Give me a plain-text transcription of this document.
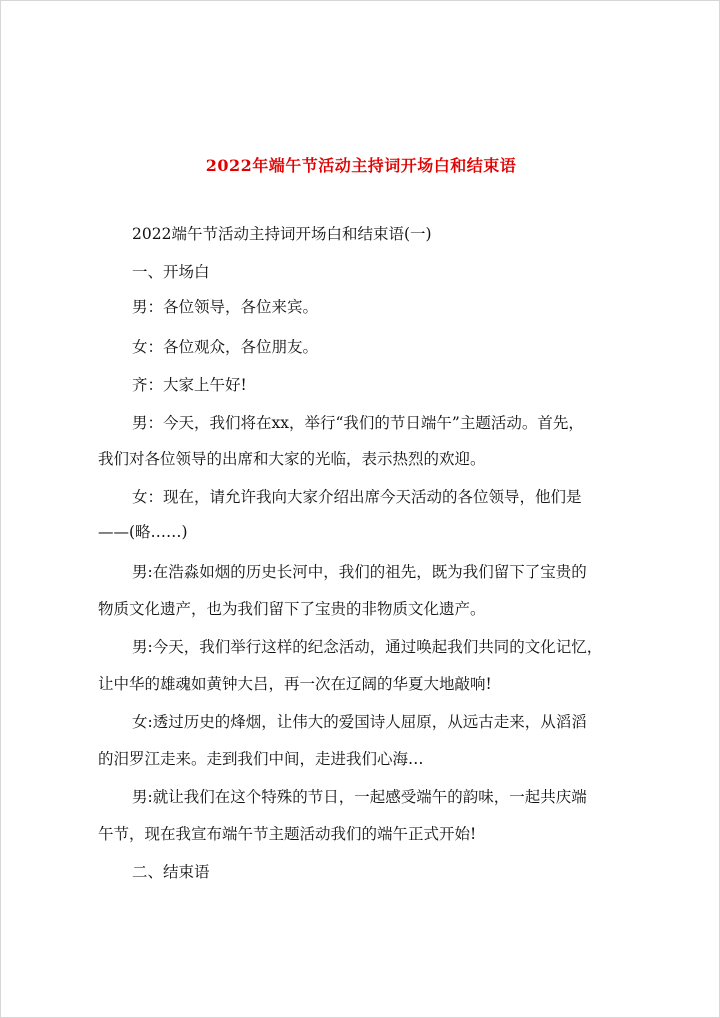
2022年端午节活动主持词开场白和结束语
2022端午节活动主持词开场白和结束语(一)
一、开场白
男：各位领导，各位来宾。
女：各位观众，各位朋友。
齐：大家上午好!
男：今天，我们将在xx，举行“我们的节日端午”主题活动。首先，
我们对各位领导的出席和大家的光临，表示热烈的欢迎。
女：现在，请允许我向大家介绍出席今天活动的各位领导，他们是
——(略……)
男:在浩淼如烟的历史长河中，我们的祖先，既为我们留下了宝贵的
物质文化遗产，也为我们留下了宝贵的非物质文化遗产。
男:今天，我们举行这样的纪念活动，通过唤起我们共同的文化记忆，
让中华的雄魂如黄钟大吕，再一次在辽阔的华夏大地敲响!
女:透过历史的烽烟，让伟大的爱国诗人屈原，从远古走来，从滔滔
的汨罗江走来。走到我们中间，走进我们心海…
男:就让我们在这个特殊的节日，一起感受端午的韵味，一起共庆端
午节，现在我宣布端午节主题活动我们的端午正式开始!
二、结束语
